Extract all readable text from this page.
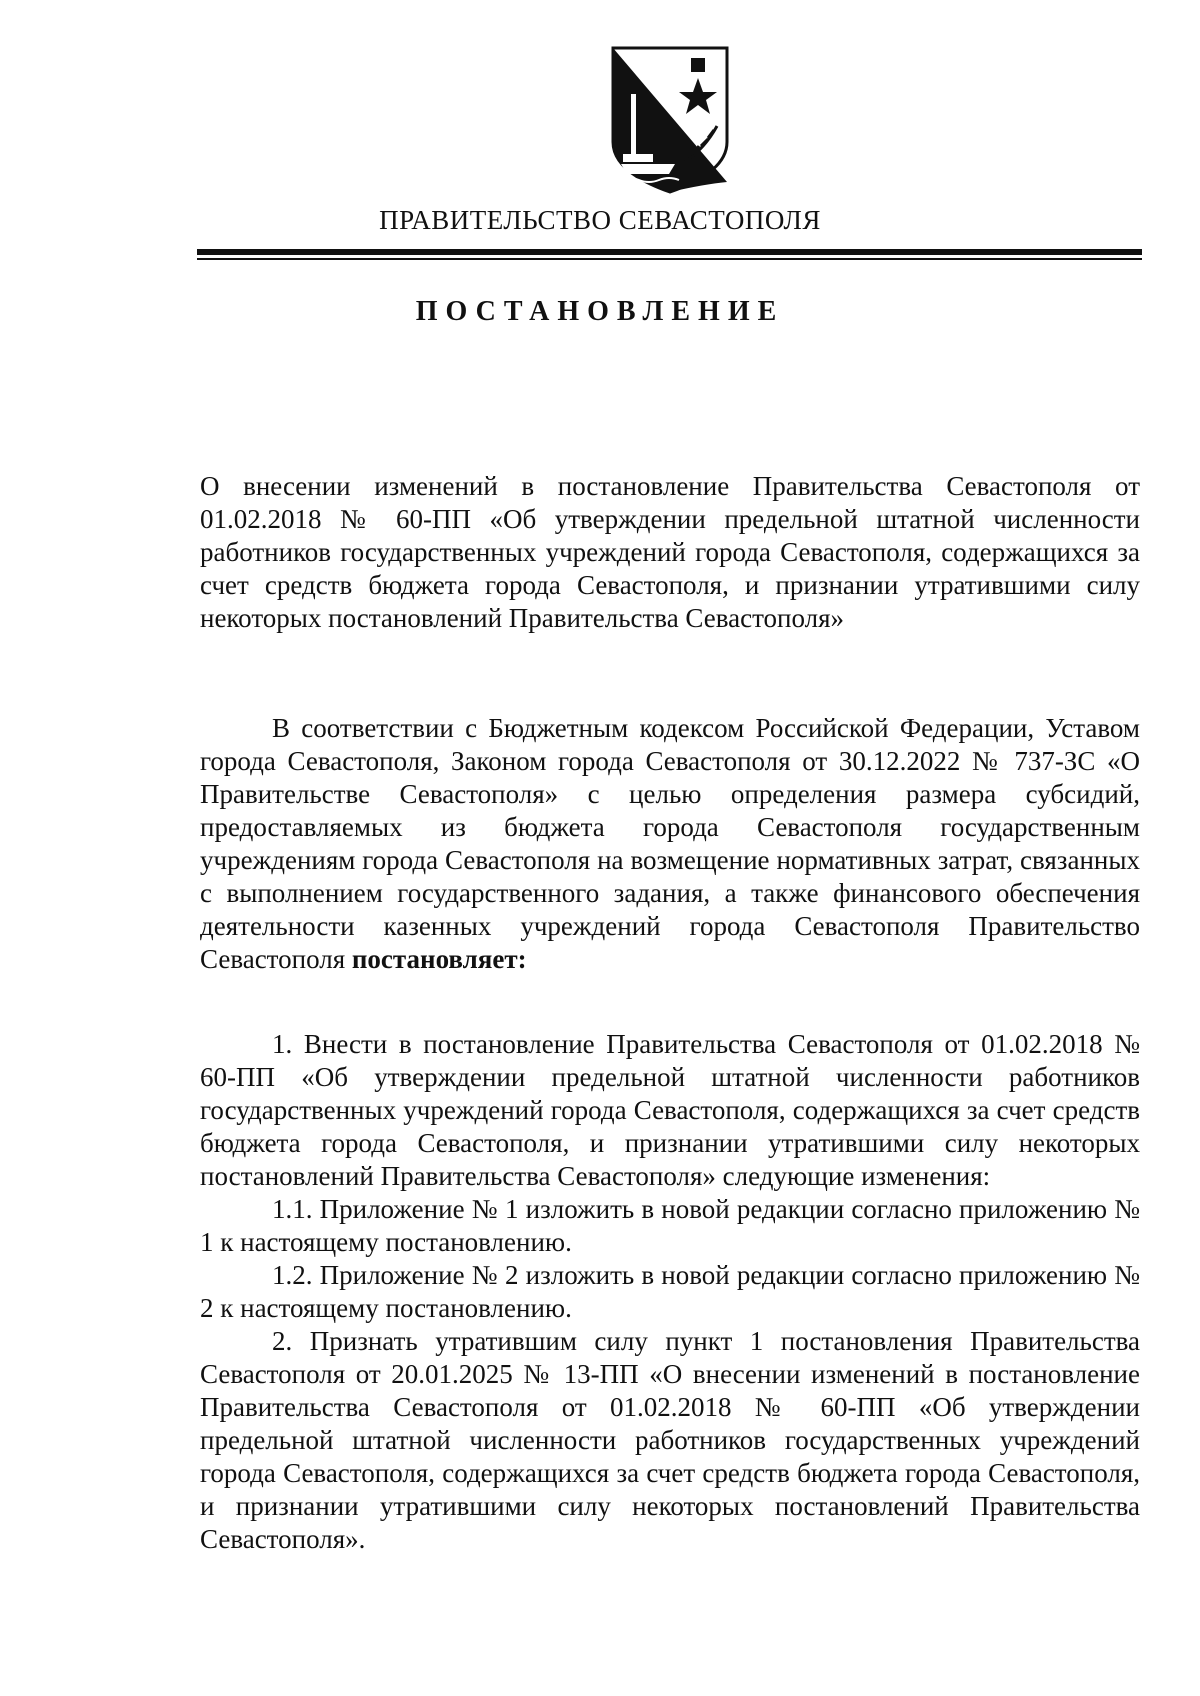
ПРАВИТЕЛЬСТВО СЕВАСТОПОЛЯ
ПОСТАНОВЛЕНИЕ
О внесении изменений в постановление Правительства Севастополя от 01.02.2018 № 60-ПП «Об утверждении предельной штатной численности работников государственных учреждений города Севастополя, содержащихся за счет средств бюджета города Севастополя, и признании утратившими силу некоторых постановлений Правительства Севастополя»
В соответствии с Бюджетным кодексом Российской Федерации, Уставом города Севастополя, Законом города Севастополя от 30.12.2022 № 737-ЗС «О Правительстве Севастополя» с целью определения размера субсидий, предоставляемых из бюджета города Севастополя государственным учреждениям города Севастополя на возмещение нормативных затрат, связанных с выполнением государственного задания, а также финансового обеспечения деятельности казенных учреждений города Севастополя Правительство Севастополя постановляет:

1. Внести в постановление Правительства Севастополя от 01.02.2018 № 60-ПП «Об утверждении предельной штатной численности работников государственных учреждений города Севастополя, содержащихся за счет средств бюджета города Севастополя, и признании утратившими силу некоторых постановлений Правительства Севастополя» следующие изменения:

1.1. Приложение № 1 изложить в новой редакции согласно приложению № 1 к настоящему постановлению.

1.2. Приложение № 2 изложить в новой редакции согласно приложению № 2 к настоящему постановлению.

2. Признать утратившим силу пункт 1 постановления Правительства Севастополя от 20.01.2025 № 13-ПП «О внесении изменений в постановление Правительства Севастополя от 01.02.2018 № 60-ПП «Об утверждении предельной штатной численности работников государственных учреждений города Севастополя, содержащихся за счет средств бюджета города Севастополя, и признании утратившими силу некоторых постановлений Правительства Севастополя».
